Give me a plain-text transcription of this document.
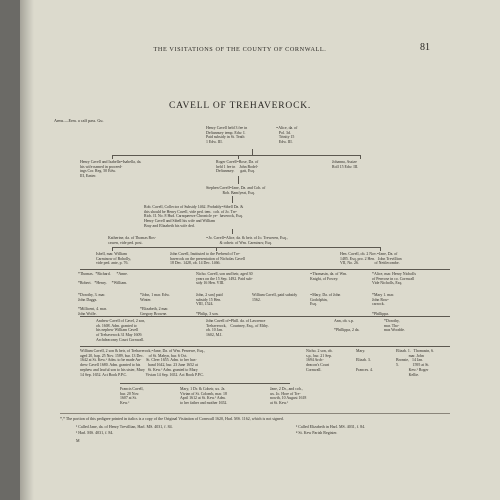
THE VISITATIONS OF THE COUNTY OF CORNWALL.	81
CAVELL OF TREHAVEROCK.
Arms.—Erm. a calf pass. Gu.
Henry Cavell held 3 fee in
Defiannsey temp. Edw. I.
Paid subsidy in St. Teath
1 Edw. III.
=Alice, da. of
Pol. 3d.
Trinity 15
Edw. III.
Henry Cavell and Isabella=Isabella, da.
his wife named in proceed-
ings Cor. Reg. 50 Edw.
III, Easter.
Roger Cavell=Rose, Da. of
held 1 fee in    John Bodel-
Defiannsey.      gatt, Esq.
Johanna, Assize
Roll 15 Edw. III.
Stephen Cavell=Jane, Da. and Coh. of
Rob. Bamfyeat, Esq.
Rob. Cavell, Collector of Subsidy 1462. Probably=Sibell Da. &
this should be Henry Cavell, vide ped. tem.  coh. of Jo. Tre-
Rich. II. No. 8 Hud. Carnqueewe Chronicle ye-  haverock, Esq.
Henry Cavell and Sibell his wife and William
Bray and Elizabeth his wife ded.
Katherine, da. of Thomas Bos-
cawen, vide ped. post.
=Jo. Cavell=Alice, da. & heir. of Jo. Treweren, Esq.,
& coheir. of Wm. Carminov, Esq.
Isbell, mar. William
Carminow of Boholly,
vide ped. ante, p. 76.
John Cavell, Instituted to the Prebend of Tre-
haverock on the presentation of Nicholas Cavell
18 Dec. 1428, ob. 14 Dec. 1466.
Hen. Cavell, ob. 2 Nov.=Jane, Da. of
1485. Esq. pro. 2 Hen.   John Trevillion
VII, No. 26.                of Nettlecombe.
*Thomas.  *Richard.      *Anne.

*Robert.   *Henry.     *William.
Nicho. Cavell, son and heir, aged 30
years on the 15 Sep. 1492. Paid sub-
sidy 16 Hen. VIII.
=Thomasin, da. of Wm.
Knight, of Fowey.
*Alice, mar. Henry Nicholls
of Penvose in co. Cornwall
Vide Nicholls, Esq.
*Dorothy, 3. mar.
John Daggs.

*Millicent, 4. mar.
John Wolfe.
*John, 1 mar. Edw.
Winter.

*Elizabeth, 2 mar.
Gregory Browne.
John, 2 son] paid
subsidy 15 Hen.
VIII, 1524.

*Philip, 3 son.
William Cavell, paid subsidy
1562.
=Mary, Da. of John
Godolphin,
Esq.
*Mary 1. mar.
John Row-
carrock.

*Phillippa.
Andrew Cavell of Cavel, 2 son,
ob. 1608. Adm. granted to
his nephew William Cavell
of Trehaverock 31 May 1609.
Archdeaconry Court Cornwall.
John Cavell of=Phill. da. of Lawrence
Trehaverock,    Courtney, Esq., of Elthy.
ob. 10 Jan.
1602, M.I.
Ann, ob. s.p.

*Phillippa, 2 da.
*Dorothy,
mar. Tho-
mas Woodde.
William Cavell, 2 son & heir, of Trehaverock,=Jane, Da. of Wm. Penrewe, Esq.,
aged 20, bap. 25 Nov. 1589, bur. 13 Dec.     of St. Mabyn, bur. 6 Oct.
1642 at St. Kew.¹ Adm. to be made An-     St. Cleer 1655. Adm. to her hus-
drew Cavell 1680. Adm. granted to his        band 1642, bur. 23 June 1652 at
nephew and lawful son to his sister, Mary   St. Kew.² Adm. granted to Mary
14 Sep. 1652. Act Book P.P.C.                   Vivian 14 Sep. 1652. Act Book P.P.C.
Nicho. 2 son, ob.
s.p., bur. 21 Sep.
1694 Arch-
deacon's Court
Cornwall.
Mary.

Elizab. 3.

Frances. 4.
Elizab. 1.   Thomasin, 6.
mar. John
Bronste,   14 Jan.
5.              1595 at St.
Kew.² Roger
Kellie.
Francis Cavell,
bur. 20 Nov.
1607 at St.
Kew.²
Mary, 1 Dr. & Coheir, ux. Ja.
Vivian of St. Colomb, mar. 18
April 1612 at St. Kew.² Adm.
to her father and mother 1652.
Jane, 2 Dr., and coh.,
ux. Jo. Hore of Tre-
nowth, 10 August 1618
at St. Kew.²
*,* The portion of this pedigree printed in italics is a copy of the Original Visitation of Cornwall 1620, Harl. MS. 1162, which is not signed.
¹ Called Jane, da. of Henry Trevillian, Harl. MS. 4031, f. 84.
¹ Harl. MS. 4031, f. 84.
³ Called Elizabeth in Harl. MS. 4031, f. 84.
⁴ St. Kew Parish Register.
M
